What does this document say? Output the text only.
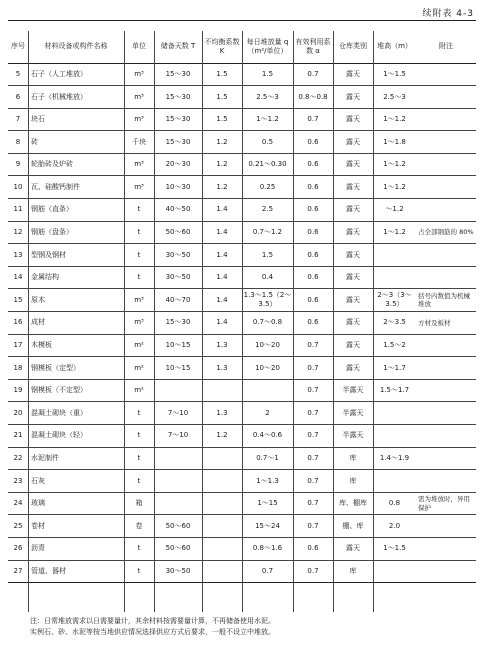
续附表 4-3
序号	材料设备或构件名称	单位	储备天数 T	不均衡系数 K	每日堆放量 q（m²/单位）	有效利用系数 α	仓库类别	堆高（m）	附注
5	石子（人工堆放）	m³	15～30	1.5	1.5	0.7	露天	1～1.5	
6	石子（机械堆放）	m³	15～30	1.5	2.5～3	0.8～0.8	露天	2.5～3	
7	块石	m³	15～30	1.5	1～1.2	0.7	露天	1～1.2	
8	砖	千块	15～30	1.2	0.5	0.6	露天	1～1.8	
9	轮胎砖及炉砖	m³	20～30	1.2	0.21～0.30	0.6	露天	1～1.2	
10	瓦、硅酸钙制件	m³	10～30	1.2	0.25	0.6	露天	1～1.2	
11	钢筋（直条）	t	40～50	1.4	2.5	0.6	露天	～1.2	
12	钢筋（盘条）	t	50～60	1.4	0.7～1.2	0.6	露天	1～1.2	占全部钢筋的 80%
13	型钢及钢材	t	30～50	1.4	1.5	0.6	露天		
14	金属结构	t	30～50	1.4	0.4	0.6	露天		
15	原木	m³	40～70	1.4	1.3～1.5（2～3.5）	0.6	露天	2～3（3～3.5）	括号内数值为机械堆放
16	成材	m³	15～30	1.4	0.7～0.8	0.6	露天	2～3.5	方材及板材
17	木模板	m²	10～15	1.3	10～20	0.7	露天	1.5～2	
18	钢模板（定型）	m²	10～15	1.3	10～20	0.7	露天	1～1.7	
19	钢模板（不定型）	m²				0.7	半露天	1.5～1.7	
20	混凝土砌块（重）	t	7～10	1.3	2	0.7	半露天		
21	混凝土砌块（轻）	t	7～10	1.2	0.4～0.6	0.7	半露天		
22	水泥制件	t			0.7～1	0.7	库	1.4～1.9	
23	石灰	t			1～1.3	0.7	库		
24	玻璃	箱			1～15	0.7	库、棚库	0.8	需为堆放时，异用保护
25	卷材	卷	50～60		15～24	0.7	棚、库	2.0	
26	沥青	t	50～60		0.8～1.6	0.6	露天	1～1.5	
27	管道、器材	t	30～50		0.7	0.7	库		
注：日常堆放需求以日需要量计，其余材料按需要量计算，不再储备使用水泥。
实例石、砂、水泥等按当地供应情况选择供应方式后要求，一般不设立中堆放。
